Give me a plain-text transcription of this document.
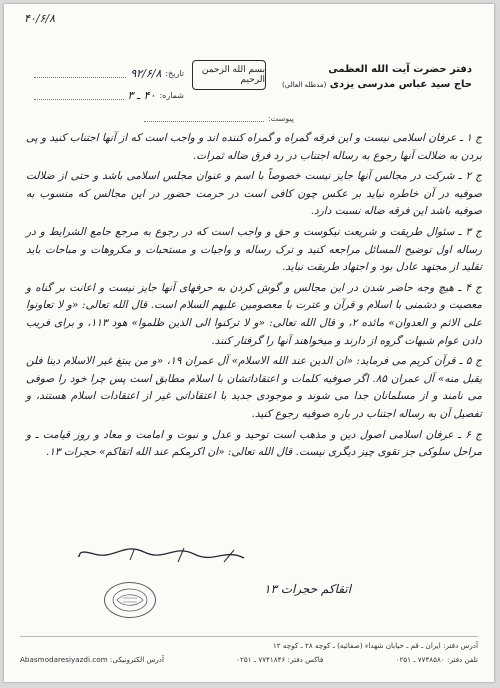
۴۰/۶/۸
بسم الله الرحمن الرحیم
دفتر حضرت آیت الله العظمی
حاج سید عباس مدرسی یزدی (مدظله العالی)
تاریخ:
۹۲/۶/۸
شماره:
۴۰ ـ ۳
پیوست:

ج ۱ ـ عرفان اسلامی نیست و این فرقه گمراه و گمراه کننده اند و واجب است که از آنها اجتناب کنید و پی بردن به ضلالت آنها رجوع به رساله اجتناب در رد فرق ضاله ثمرات.

ج ۲ ـ شرکت در مجالس آنها جایز نیست خصوصاً با اسم و عنوان مجلس اسلامی باشد و حتی از ضلالت صوفیه در آن خاطره نیاید بر عکس چون کافی است در حرمت حضور در این مجالس که منسوب به صوفیه باشد این فرقه ضاله نسبت دارد.

ج ۳ ـ سئوال طریقت و شریعت نیکوست و حق و واجب است که در رجوع به مرجع جامع الشرایط و در رساله اول توضیح المسائل مراجعه کنید و ترک رساله و واجبات و مستحبات و مکروهات و مباحات باید تقلید از مجتهد عادل بود و اجتهاد طریقت نباید.

ج ۴ ـ هیچ وجه حاضر شدن در این مجالس و گوش کردن به حرفهای آنها جایز نیست و اعانت بر گناه و معصیت و دشمنی با اسلام و قرآن و عترت با معصومین علیهم السلام است. قال الله تعالی: «و لا تعاونوا علی الاثم و العدوان» مائده ۲، و قال الله تعالی: «و لا ترکنوا الی الذین ظلموا» هود ۱۱۳، و برای فریب دادن عوام شبهات گروه از دارند و میخواهند آنها را گرفتار کنند.

ج ۵ ـ قرآن کریم می فرماید: «ان الدین عند الله الاسلام» آل عمران ۱۹، «و من یبتغ غیر الاسلام دینا فلن یقبل منه» آل عمران ۸۵. اگر صوفیه کلمات و اعتقاداتشان با اسلام مطابق است پس چرا خود را صوفی می نامند و از مسلمانان جدا می شوند و موجودی جدید با اعتقاداتی غیر از اعتقادات اسلام هستند، و تفصیل آن به رساله اجتناب در باره صوفیه رجوع کنید.

ج ۶ ـ عرفان اسلامی اصول دین و مذهب است توحید و عدل و نبوت و امامت و معاد و روز قیامت ـ و مراحل سلوکی جز تقوی چیز دیگری نیست. قال الله تعالی: «ان اکرمکم عند الله اتقاکم» حجرات ۱۳.

اتقاکم حجرات ۱۳
آدرس دفتر: ایران ـ قم ـ خیابان شهداء (صفائیه) ـ کوچه ۲۸ ـ کوچه ۱۲
تلفن دفتر: ۷۷۴۸۵۸۰ ـ ۰۲۵۱
فاکس دفتر: ۷۷۴۱۸۴۶ ـ ۰۲۵۱
آدرس الکترونیکی: Abasmodaresiyazdi.com
